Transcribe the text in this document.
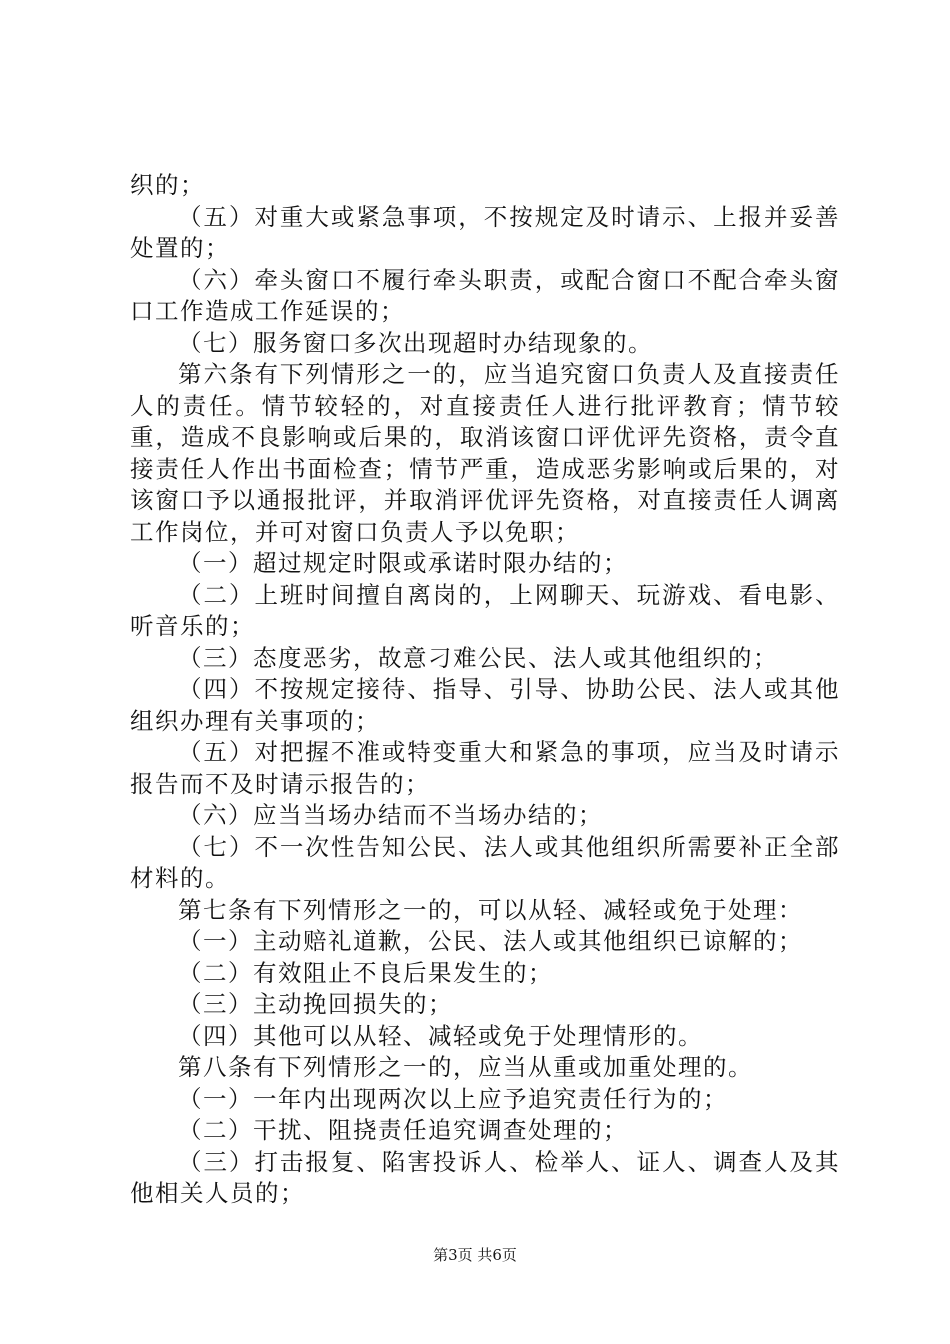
织的；

（五）对重大或紧急事项，不按规定及时请示、上报并妥善处置的；

（六）牵头窗口不履行牵头职责，或配合窗口不配合牵头窗口工作造成工作延误的；

（七）服务窗口多次出现超时办结现象的。

第六条有下列情形之一的，应当追究窗口负责人及直接责任人的责任。情节较轻的，对直接责任人进行批评教育；情节较重，造成不良影响或后果的，取消该窗口评优评先资格，责令直接责任人作出书面检查；情节严重，造成恶劣影响或后果的，对该窗口予以通报批评，并取消评优评先资格，对直接责任人调离工作岗位，并可对窗口负责人予以免职；

（一）超过规定时限或承诺时限办结的；

（二）上班时间擅自离岗的，上网聊天、玩游戏、看电影、听音乐的；

（三）态度恶劣，故意刁难公民、法人或其他组织的；

（四）不按规定接待、指导、引导、协助公民、法人或其他组织办理有关事项的；

（五）对把握不准或特变重大和紧急的事项，应当及时请示报告而不及时请示报告的；

（六）应当当场办结而不当场办结的；

（七）不一次性告知公民、法人或其他组织所需要补正全部材料的。

第七条有下列情形之一的，可以从轻、减轻或免于处理：

（一）主动赔礼道歉，公民、法人或其他组织已谅解的；

（二）有效阻止不良后果发生的；

（三）主动挽回损失的；

（四）其他可以从轻、减轻或免于处理情形的。

第八条有下列情形之一的，应当从重或加重处理的。

（一）一年内出现两次以上应予追究责任行为的；

（二）干扰、阻挠责任追究调查处理的；

（三）打击报复、陷害投诉人、检举人、证人、调查人及其他相关人员的；

第3页 共6页
